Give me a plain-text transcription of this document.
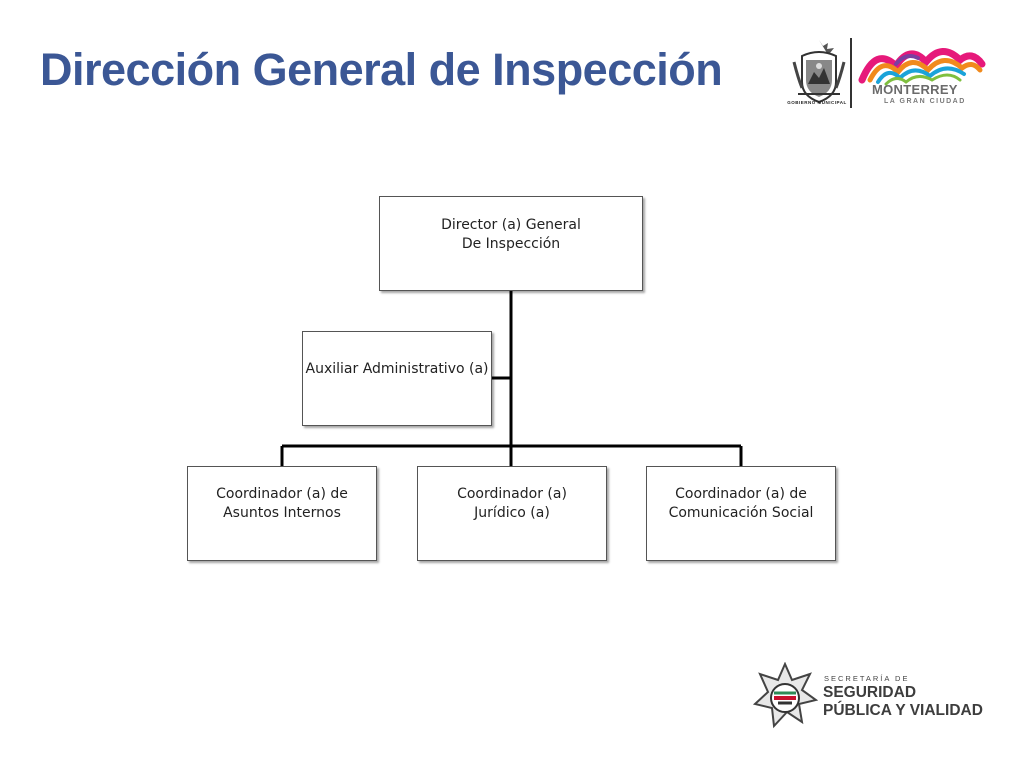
Dirección General de Inspección
GOBIERNO MUNICIPAL
MONTERREY
LA GRAN CIUDAD
Director (a) General
De Inspección
Auxiliar Administrativo (a)
Coordinador (a) de
Asuntos Internos
Coordinador (a)
Jurídico (a)
Coordinador (a) de
Comunicación Social
SECRETARÍA DE
SEGURIDAD
PÚBLICA Y VIALIDAD
